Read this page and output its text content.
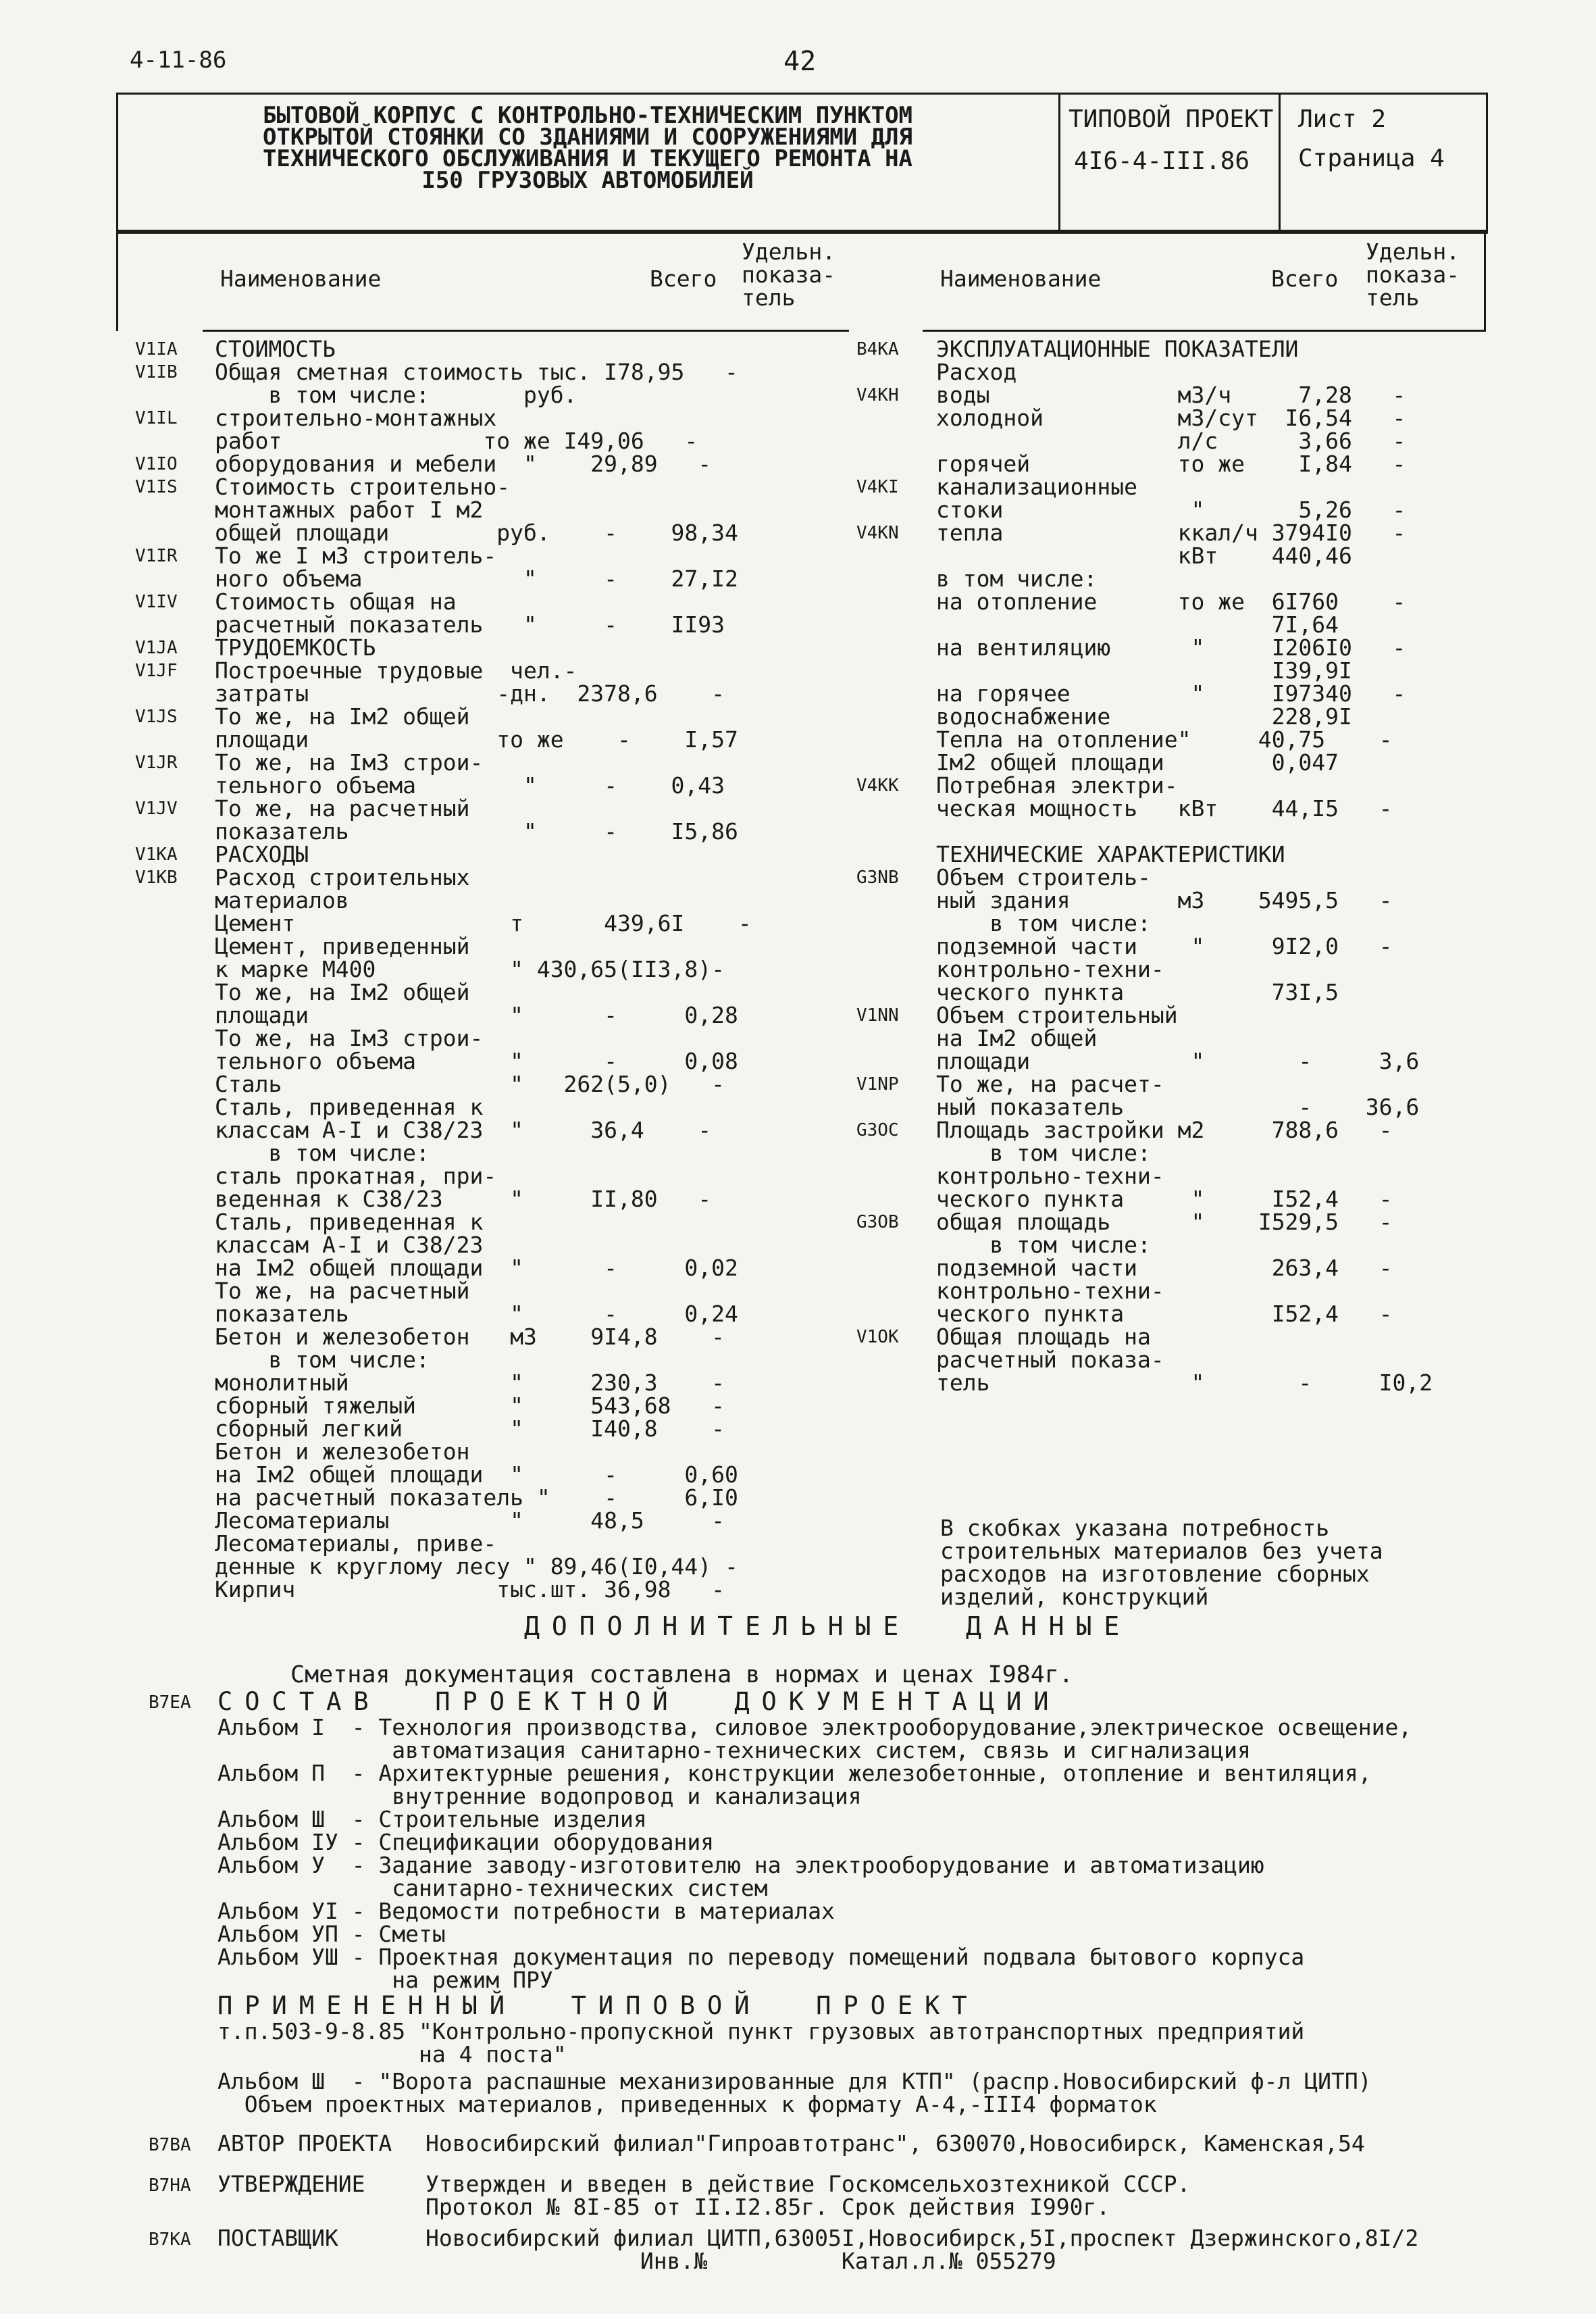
4-11-86	42
БЫТОВОЙ КОРПУС С КОНТРОЛЬНО-ТЕХНИЧЕСКИМ ПУНКТОМ
ОТКРЫТОЙ СТОЯНКИ СО ЗДАНИЯМИ И СООРУЖЕНИЯМИ ДЛЯ
ТЕХНИЧЕСКОГО ОБСЛУЖИВАНИЯ И ТЕКУЩЕГО РЕМОНТА НА
I50 ГРУЗОВЫХ АВТОМОБИЛЕЙ
ТИПОВОЙ ПРОЕКТ
4I6-4-III.86
Лист 2
Страница 4
Наименование	Всего
Удельн.
показа-
тель
Наименование	Всего
Удельн.
показа-
тель
V1IA СТОИМОСТЬ
V1IB Общая сметная стоимость тыс. I78,95   -
в том числе:       руб.
V1IL строительно-монтажных
работ               то же I49,06   -
V1IO оборудования и мебели  "    29,89   -
V1IS Стоимость строительно-
монтажных работ I м2
общей площади        руб.    -    98,34
V1IR То же I м3 строитель-
ного объема            "     -    27,I2
V1IV Стоимость общая на
расчетный показатель   "     -    II93
V1JA ТРУДОЕМКОСТЬ
V1JF Построечные трудовые  чел.-
затраты              -дн.  2378,6    -
V1JS То же, на Iм2 общей
площади              то же    -    I,57
V1JR То же, на Iм3 строи-
тельного объема        "     -    0,43
V1JV То же, на расчетный
показатель             "     -    I5,86
V1KA РАСХОДЫ
V1KB Расход строительных
материалов
Цемент                т      439,6I    -
Цемент, приведенный
к марке М400          " 430,65(II3,8)-
То же, на Iм2 общей
площади               "      -     0,28
То же, на Iм3 строи-
тельного объема       "      -     0,08
Сталь                 "   262(5,0)   -
Сталь, приведенная к
классам А-I и С38/23  "     36,4    -
в том числе:
сталь прокатная, при-
веденная к С38/23     "     II,80   -
Сталь, приведенная к
классам А-I и С38/23
на Iм2 общей площади  "      -     0,02
То же, на расчетный
показатель            "      -     0,24
Бетон и железобетон   м3    9I4,8    -
в том числе:
монолитный            "     230,3    -
сборный тяжелый       "     543,68   -
сборный легкий        "     I40,8    -
Бетон и железобетон
на Iм2 общей площади  "      -     0,60
на расчетный показатель "    -     6,I0
Лесоматериалы         "     48,5     -
Лесоматериалы, приве-
денные к круглому лесу " 89,46(I0,44) -
Кирпич               тыс.шт. 36,98   -
B4KA ЭКСПЛУАТАЦИОННЫЕ ПОКАЗАТЕЛИ
Расход
V4KH воды              м3/ч     7,28   -
холодной          м3/сут  I6,54   -
л/с      3,66   -
горячей           то же    I,84   -
V4KI канализационные
стоки              "       5,26   -
V4KN тепла             ккал/ч 3794I0   -
кВт    440,46
в том числе:
на отопление      то же  6I760    -
7I,64
на вентиляцию      "     I206I0   -
I39,9I
на горячее         "     I97340   -
водоснабжение            228,9I
Тепла на отопление"     40,75    -
Iм2 общей площади        0,047
V4KK Потребная электри-
ческая мощность   кВт    44,I5   -
ТЕХНИЧЕСКИЕ ХАРАКТЕРИСТИКИ
G3NB Объем строитель-
ный здания        м3    5495,5   -
в том числе:
подземной части    "     9I2,0   -
контрольно-техни-
ческого пункта           73I,5
V1NN Объем строительный
на Iм2 общей
площади            "       -     3,6
V1NP То же, на расчет-
ный показатель             -    36,6
G3OC Площадь застройки м2     788,6   -
в том числе:
контрольно-техни-
ческого пункта     "     I52,4   -
G3OB общая площадь      "    I529,5   -
в том числе:
подземной части          263,4   -
контрольно-техни-
ческого пункта           I52,4   -
V1OK Общая площадь на
расчетный показа-
тель               "       -     I0,2
В скобках указана потребность
строительных материалов без учета
расходов на изготовление сборных
изделий, конструкций
ДОПОЛНИТЕЛЬНЫЕ  ДАННЫЕ
Сметная документация составлена в нормах и ценах I984г.
B7EA СОСТАВ  ПРОЕКТНОЙ  ДОКУМЕНТАЦИИ
Альбом I  - Технология производства, силовое электрооборудование,электрическое освещение,
автоматизация санитарно-технических систем, связь и сигнализация
Альбом П  - Архитектурные решения, конструкции железобетонные, отопление и вентиляция,
внутренние водопровод и канализация
Альбом Ш  - Строительные изделия
Альбом IУ - Спецификации оборудования
Альбом У  - Задание заводу-изготовителю на электрооборудование и автоматизацию
санитарно-технических систем
Альбом УI - Ведомости потребности в материалах
Альбом УП - Сметы
Альбом УШ - Проектная документация по переводу помещений подвала бытового корпуса
на режим ПРУ
ПРИМЕНЕННЫЙ  ТИПОВОЙ  ПРОЕКТ
т.п.503-9-8.85 "Контрольно-пропускной пункт грузовых автотранспортных предприятий
на 4 поста"
Альбом Ш  - "Ворота распашные механизированные для КТП" (распр.Новосибирский ф-л ЦИТП)
Объем проектных материалов, приведенных к формату А-4,-III4 форматок
B7BA АВТОР ПРОЕКТА Новосибирский филиал"Гипроавтотранс", 630070,Новосибирск, Каменская,54
B7HA УТВЕРЖДЕНИЕ	Утвержден и введен в действие Госкомсельхозтехникой СССР.
Протокол № 8I-85 от II.I2.85г. Срок действия I990г.
B7KA ПОСТАВЩИК	Новосибирский филиал ЦИТП,63005I,Новосибирск,5I,проспект Дзержинского,8I/2
Инв.№          Катал.л.№ 055279
